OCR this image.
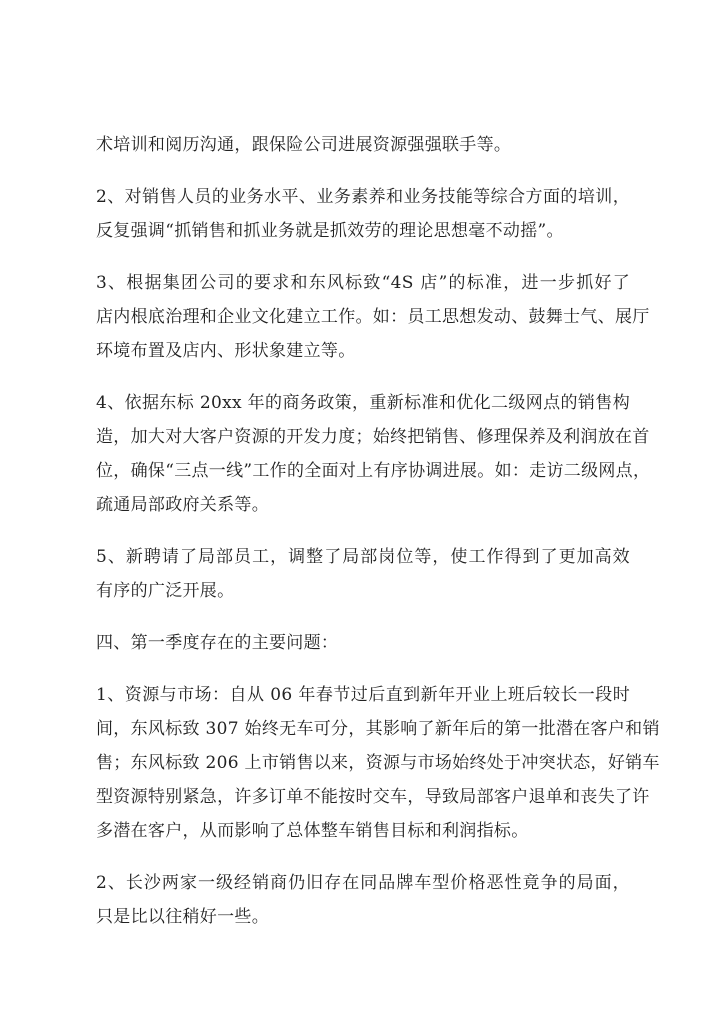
术培训和阅历沟通，跟保险公司进展资源强强联手等。
2、对销售人员的业务水平、业务素养和业务技能等综合方面的培训，
反复强调“抓销售和抓业务就是抓效劳的理论思想毫不动摇”。
3、根据集团公司的要求和东风标致“4S 店”的标准，进一步抓好了
店内根底治理和企业文化建立工作。如：员工思想发动、鼓舞士气、展厅
环境布置及店内、形状象建立等。
4、依据东标 20xx 年的商务政策，重新标准和优化二级网点的销售构
造，加大对大客户资源的开发力度；始终把销售、修理保养及利润放在首
位，确保“三点一线”工作的全面对上有序协调进展。如：走访二级网点，
疏通局部政府关系等。
5、新聘请了局部员工，调整了局部岗位等，使工作得到了更加高效
有序的广泛开展。
四、第一季度存在的主要问题：
1、资源与市场：自从 06 年春节过后直到新年开业上班后较长一段时
间，东风标致 307 始终无车可分，其影响了新年后的第一批潜在客户和销
售；东风标致 206 上市销售以来，资源与市场始终处于冲突状态，好销车
型资源特别紧急，许多订单不能按时交车，导致局部客户退单和丧失了许
多潜在客户，从而影响了总体整车销售目标和利润指标。
2、长沙两家一级经销商仍旧存在同品牌车型价格恶性竟争的局面，
只是比以往稍好一些。
